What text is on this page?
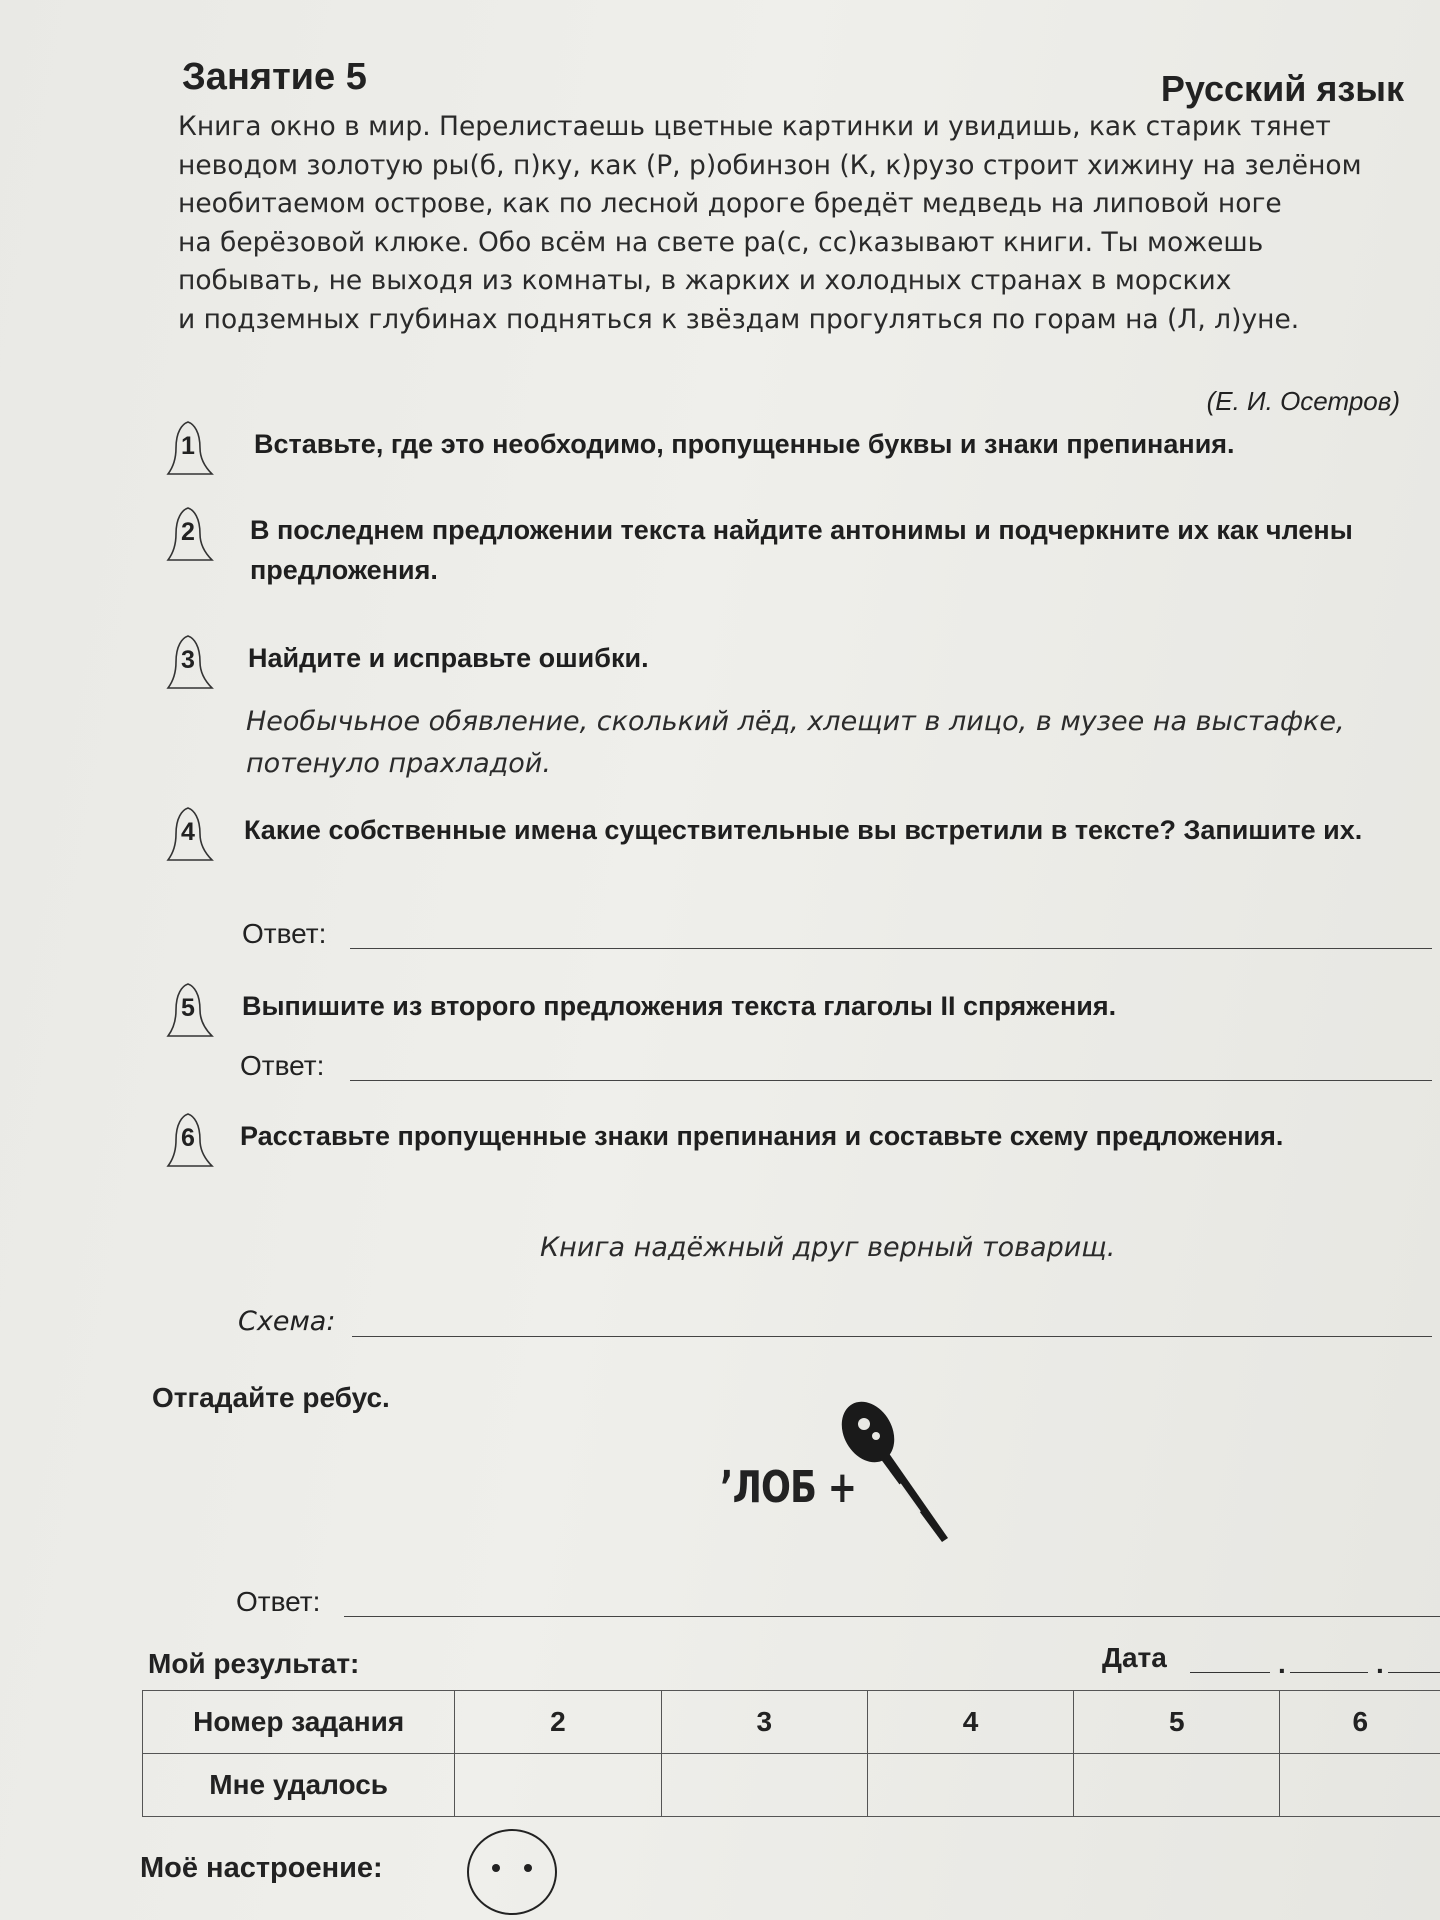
Занятие 5	Русский язык
Книга окно в мир. Перелистаешь цветные картинки и увидишь, как старик тянет
неводом золотую ры(б, п)ку, как (Р, р)обинзон (К, к)рузо строит хижину на зелёном
необитаемом острове, как по лесной дороге бредёт медведь на липовой ноге
на берёзовой клюке. Обо всём на свете ра(с, сс)казывают книги. Ты можешь
побывать, не выходя из комнаты, в жарких и холодных странах в морских
и подземных глубинах подняться к звёздам прогуляться по горам на (Л, л)уне.
(Е. И. Осетров)
1	Вставьте, где это необходимо, пропущенные буквы и знаки препинания.
2	В последнем предложении текста найдите антонимы и подчеркните их как члены предложения.
3	Найдите и исправьте ошибки.
Необычьное обявление, сколький лёд, хлещит в лицо, в музее на выстафке,
потенуло прахладой.
4	Какие собственные имена существительные вы встретили в тексте? Запишите их.
Ответ:
5	Выпишите из второго предложения текста глаголы II спряжения.
Ответ:
6	Расставьте пропущенные знаки препинания и составьте схему предложения.
Книга надёжный друг верный товарищ.
Схема:
Отгадайте ребус.
’ЛОБ +
Ответ:
Мой результат:	Дата	.	.
Номер задания	2	3	4	5	6
Мне удалось					
Моё настроение:
